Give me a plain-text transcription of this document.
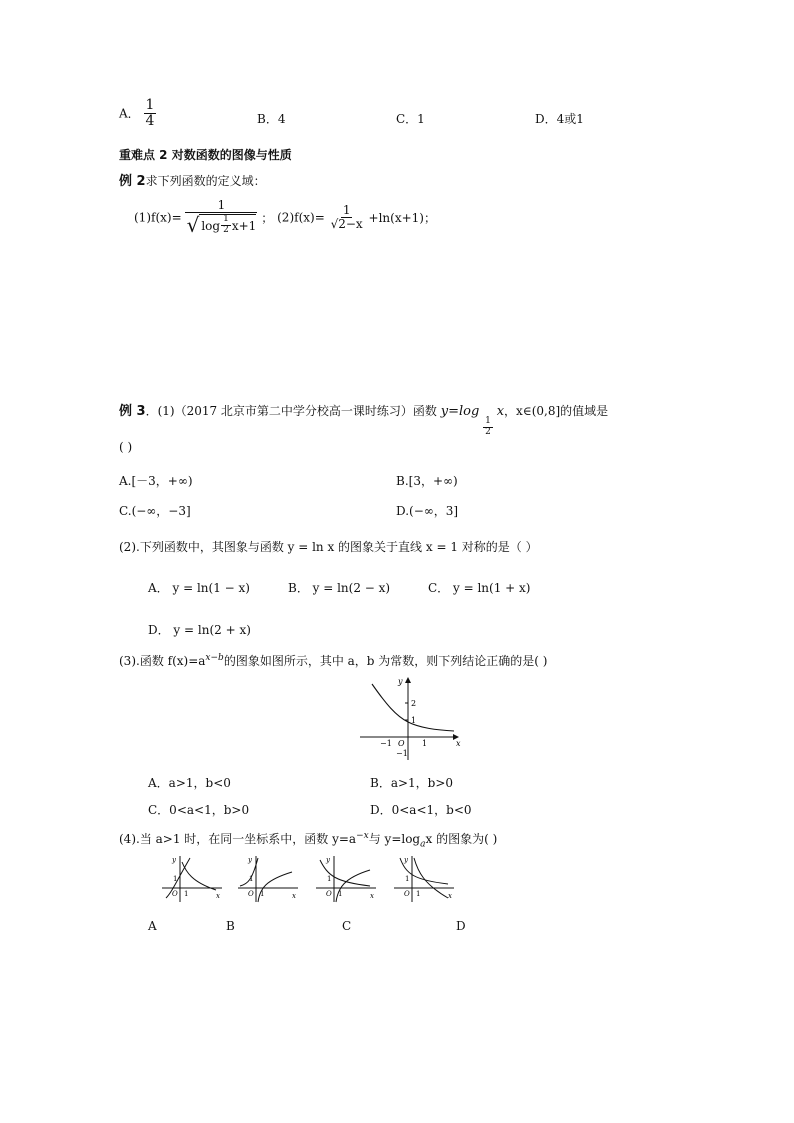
A． $\frac{1}{4}$	B．4	C．1	D．4或1
重难点 2 对数函数的图像与性质
例 2求下列函数的定义域：
(1)f(x)=
1
√ $\log \frac{1}{2} x+1$
； $(2)f(x)= \frac{1}{√2-x} +\ln(x+1)$；
例 3．(1)（2017 北京市第二中学分校高一课时练习）函数 y=log
$\frac{1}{2}$
x，x∈(0,8]的值域是
( )
A.[－3，+∞)	B.[3，+∞)
C.(−∞，−3]	D.(−∞，3]
(2).下列函数中，其图象与函数 y = ln x 的图象关于直线 x = 1 对称的是（ ）
A． y = ln(1 − x)	B． y = ln(2 − x)	C． y = ln(1 + x)
D． y = ln(2 + x)
(3).函数 $f(x)=a^{x-b}$的图象如图所示，其中 a，b 为常数，则下列结论正确的是( )
y
x
O
2
1
−1	1
−1
A．a>1，b<0	B．a>1，b>0
C．0<a<1，b>0	D．0<a<1，b<0
(4).当 a>1 时，在同一坐标系中，函数 $y=a^{-x}$与 $y=\log_ax$ 的图象为( )
y
1
O 1	x
y
1
O 1	x
y
1
O 1	x
y
1
O 1	x
A	B	C	D
